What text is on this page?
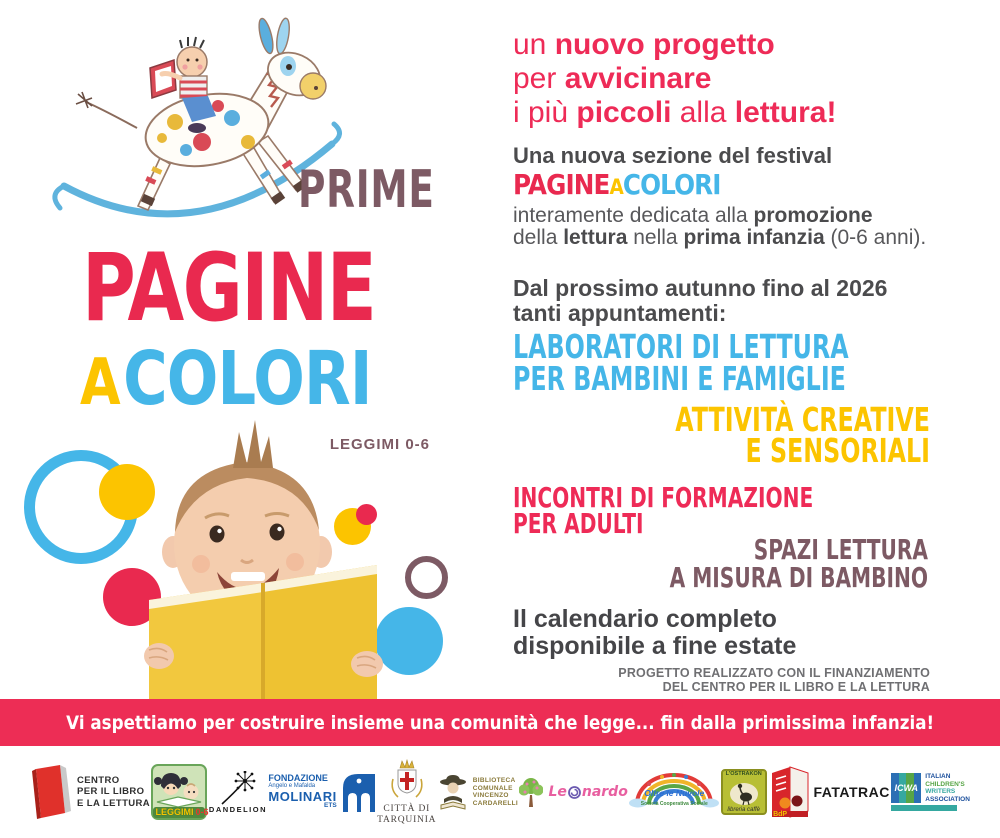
PRIME
PAGINE
ACOLORI
LEGGIMI 0-6
un nuovo progetto
per avvicinare
i più piccoli alla lettura!
Una nuova sezione del festival
PAGINEACOLORI
interamente dedicata alla promozione
della lettura nella prima infanzia (0-6 anni).
Dal prossimo autunno fino al 2026
tanti appuntamenti:
LABORATORI DI LETTURA
PER BAMBINI E FAMIGLIE
ATTIVITÀ CREATIVE
E SENSORIALI
INCONTRI DI FORMAZIONE
PER ADULTI
SPAZI LETTURA
A MISURA DI BAMBINO
Il calendario completo
disponibile a fine estate
PROGETTO REALIZZATO CON IL FINANZIAMENTO
DEL CENTRO PER IL LIBRO E LA LETTURA
Vi aspettiamo per costruire insieme una comunità che legge... fin dalla primissima infanzia!
CENTRO
PER IL LIBRO
E LA LETTURA
LEGGIMI 0-6 DANDELION
FONDAZIONE
Angelo e Mafalda
MOLINARI
ETS	CITTÀ DI
TARQUINIA
BIBLIOTECA
COMUNALE
VINCENZO
CARDARELLI
Le nardo	Oltre le Nuvole
Società Cooperativa Sociale
L'OSTRAKON
libreria caffè
BdP
FATATRAC ICWA
ITALIAN
CHILDREN'S
WRITERS
ASSOCIATION
